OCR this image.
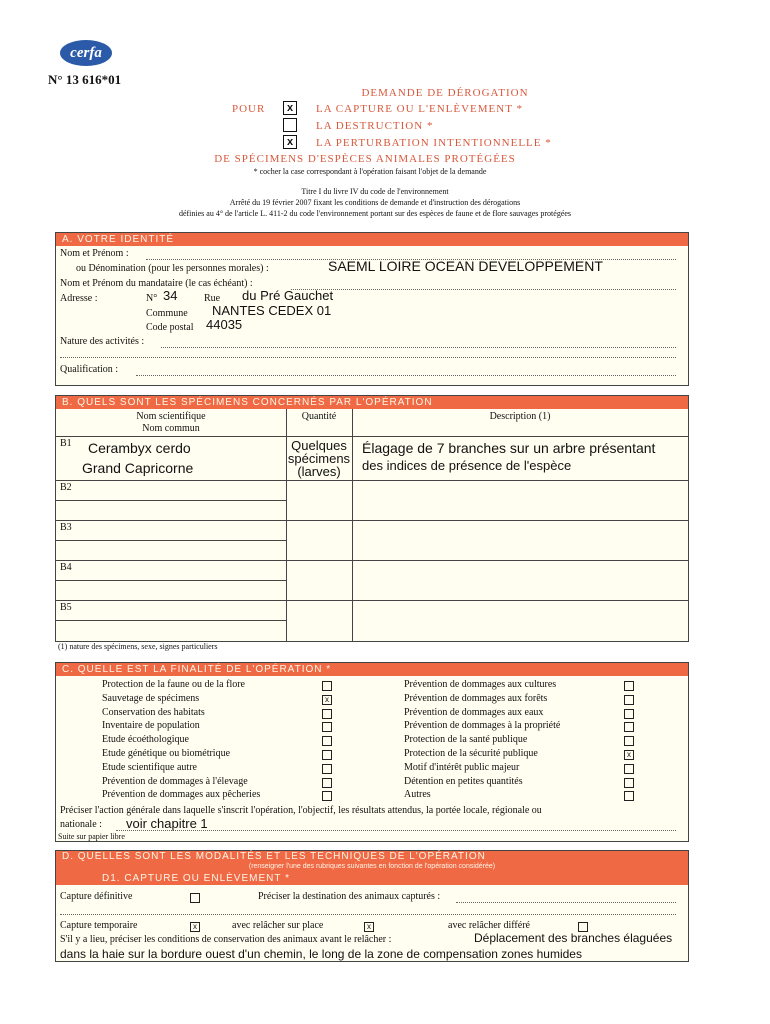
cerfa
N° 13 616*01
DEMANDE DE DÉROGATION
POUR	x	LA CAPTURE OU L'ENLÈVEMENT *
LA DESTRUCTION *
x	LA PERTURBATION INTENTIONNELLE *
DE SPÉCIMENS D'ESPÈCES ANIMALES PROTÉGÉES
* cocher la case correspondant à l'opération faisant l'objet de la demande
Titre I du livre IV du code de l'environnement
Arrêté du 19 février 2007 fixant les conditions de demande et d'instruction des dérogations
définies au 4° de l'article L. 411-2 du code l'environnement portant sur des espèces de faune et de flore sauvages protégées
A. VOTRE IDENTITÉ
Nom et Prénom :
ou Dénomination (pour les personnes morales) :	SAEML LOIRE OCEAN DEVELOPPEMENT
Nom et Prénom du mandataire (le cas échéant) :
Adresse :	N° 34	Rue du Pré Gauchet
Commune NANTES CEDEX 01
Code postal 44035
Nature des activités :
Qualification :
B. QUELS SONT LES SPÉCIMENS CONCERNÉS PAR L'OPÉRATION
Nom scientifique
Nom commun
Quantité	Description (1)
B1 Cerambyx cerdo
Grand Capricorne
Quelques spécimens (larves)
Élagage de 7 branches sur un arbre présentant
des indices de présence de l'espèce
B2
B3
B4
B5
(1) nature des spécimens, sexe, signes particuliers
C. QUELLE EST LA FINALITÉ DE L'OPÉRATION *
Protection de la faune ou de la flore
Sauvetage de spécimens	x
Conservation des habitats
Inventaire de population
Etude écoéthologique
Etude génétique ou biométrique
Etude scientifique autre
Prévention de dommages à l'élevage
Prévention de dommages aux pêcheries
Prévention de dommages aux cultures
Prévention de dommages aux forêts
Prévention de dommages aux eaux
Prévention de dommages à la propriété
Protection de la santé publique
Protection de la sécurité publique	x
Motif d'intérêt public majeur
Détention en petites quantités
Autres
Préciser l'action générale dans laquelle s'inscrit l'opération, l'objectif, les résultats attendus, la portée locale, régionale ou
nationale : voir chapitre 1
Suite sur papier libre
D. QUELLES SONT LES MODALITÉS ET LES TECHNIQUES DE L'OPÉRATION
(renseigner l'une des rubriques suivantes en fonction de l'opération considérée)
D1. CAPTURE OU ENLÈVEMENT *
Capture définitive	Préciser la destination des animaux capturés :
Capture temporaire	x	avec relâcher sur place	x	avec relâcher différé
S'il y a lieu, préciser les conditions de conservation des animaux avant le relâcher :	Déplacement des branches élaguées
dans la haie sur la bordure ouest d'un chemin, le long de la zone de compensation zones humides
